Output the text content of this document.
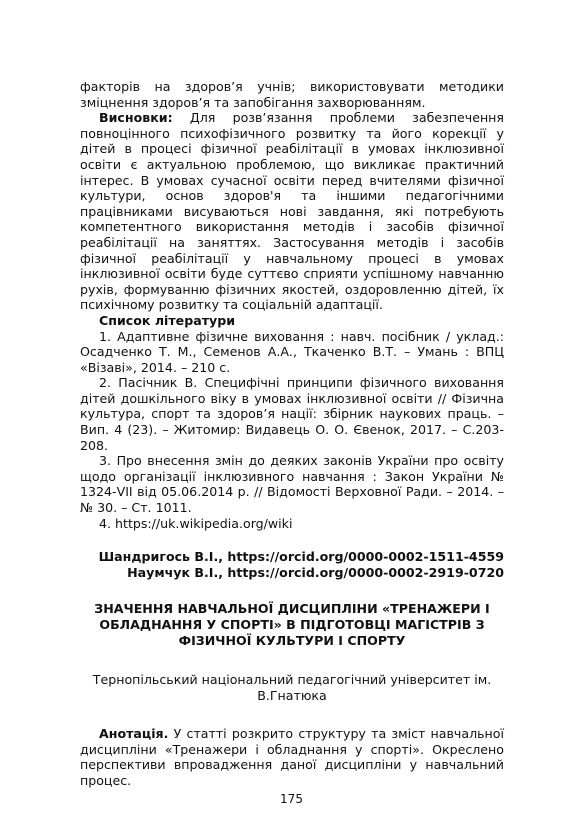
факторів на здоров’я учнів; використовувати методики зміцнення здоров’я та запобігання захворюванням.

Висновки: Для розв’язання проблеми забезпечення повноцінного психофізичного розвитку та його корекції у дітей в процесі фізичної реабілітації в умовах інклюзивної освіти є актуальною проблемою, що викликає практичний інтерес. В умовах сучасної освіти перед вчителями фізичної культури, основ здоров'я та іншими педагогічними працівниками висуваються нові завдання, які потребують компетентного використання методів і засобів фізичної реабілітації на заняттях. Застосування методів і засобів фізичної реабілітації у навчальному процесі в умовах інклюзивної освіти буде суттєво сприяти успішному навчанню рухів, формуванню фізичних якостей, оздоровленню дітей, їх психічному розвитку та соціальній адаптації.

Список літератури

1. Адаптивне фізичне виховання : навч. посібник / уклад.: Осадченко Т. М., Семенов А.А., Ткаченко В.Т. – Умань : ВПЦ «Візаві», 2014. – 210 с.

2. Пасічник В. Специфічні принципи фізичного виховання дітей дошкільного віку в умовах інклюзивної освіти // Фізична культура, спорт та здоров’я нації: збірник наукових праць. – Вип. 4 (23). – Житомир: Видавець О. О. Євенок, 2017. – С.203-208.

3. Про внесення змін до деяких законів України про освіту щодо організації інклюзивного навчання : Закон України № 1324-VII від 05.06.2014 р. // Відомості Верховної Ради. – 2014. – № 30. – Ст. 1011.

4. https://uk.wikipedia.org/wiki

Шандригось В.І., https://orcid.org/0000-0002-1511-4559
Наумчук В.І., https://orcid.org/0000-0002-2919-0720
ЗНАЧЕННЯ НАВЧАЛЬНОЇ ДИСЦИПЛІНИ «ТРЕНАЖЕРИ І ОБЛАДНАННЯ У СПОРТІ» В ПІДГОТОВЦІ МАГІСТРІВ З ФІЗИЧНОЇ КУЛЬТУРИ І СПОРТУ
Тернопільський національний педагогічний університет ім. В.Гнатюка

Анотація. У статті розкрито структуру та зміст навчальної дисципліни «Тренажери і обладнання у спорті». Окреслено перспективи впровадження даної дисципліни у навчальний процес.

175
